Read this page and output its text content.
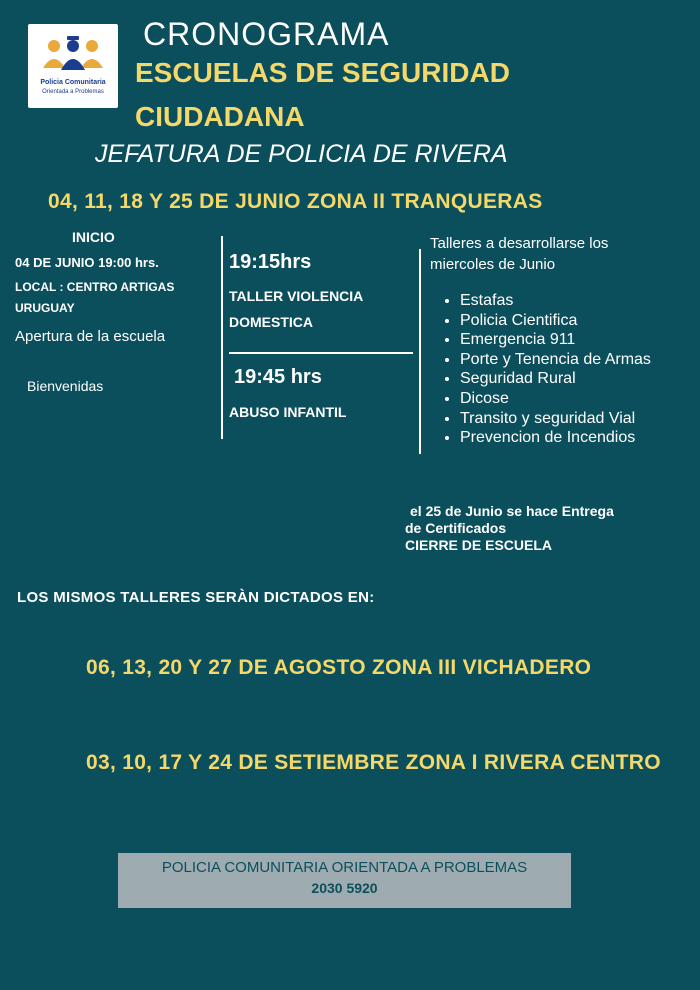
Policia Comunitaria
Orientada a Problemas
CRONOGRAMA
ESCUELAS DE SEGURIDAD
CIUDADANA
JEFATURA DE POLICIA DE RIVERA
04, 11, 18 Y 25 DE JUNIO ZONA II TRANQUERAS
INICIO
04 DE JUNIO 19:00 hrs.
LOCAL : CENTRO ARTIGAS URUGUAY
Apertura de la escuela
Bienvenidas
19:15hrs
TALLER VIOLENCIA DOMESTICA
19:45 hrs
ABUSO INFANTIL
Talleres a desarrollarse los miercoles de Junio
• Estafas
• Policia Cientifica
• Emergencia 911
• Porte y Tenencia de Armas
• Seguridad Rural
• Dicose
• Transito y seguridad Vial
• Prevencion de Incendios
el 25 de Junio se hace Entrega
de Certificados
CIERRE DE ESCUELA
LOS MISMOS TALLERES SERÀN DICTADOS EN:
06, 13, 20 Y 27 DE AGOSTO ZONA III VICHADERO
03, 10, 17 Y 24 DE SETIEMBRE ZONA I RIVERA CENTRO
POLICIA COMUNITARIA ORIENTADA A PROBLEMAS
2030 5920
